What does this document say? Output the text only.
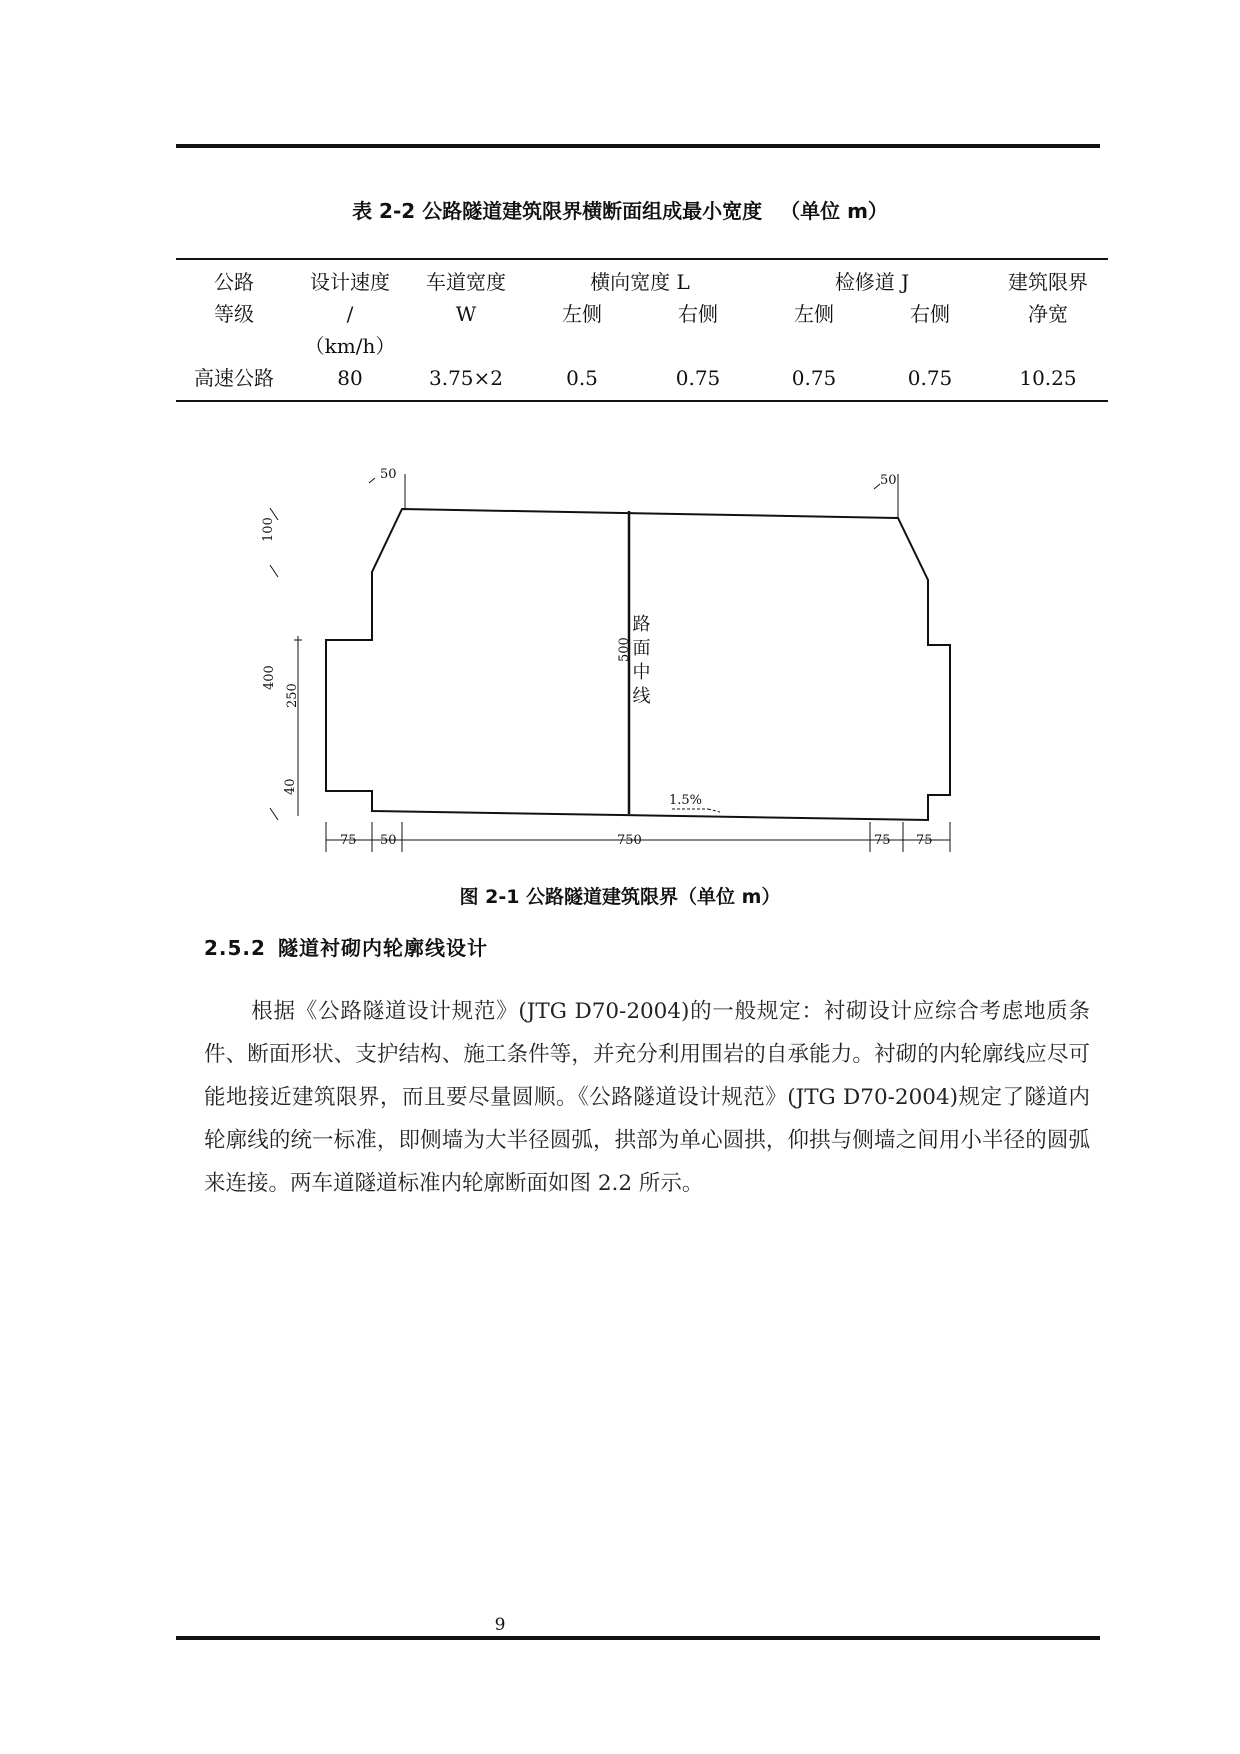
表 2-2 公路隧道建筑限界横断面组成最小宽度 （单位 m）
公路	设计速度	车道宽度	横向宽度 L		检修道 J		建筑限界
等级	/	W	左侧	右侧	左侧	右侧	净宽
	（km/h）						
高速公路	80	3.75×2	0.5	0.75	0.75	0.75	10.25
50	50
100
400
250
40
500
1.5%
75 50	750	75 75
路面中线
图 2-1 公路隧道建筑限界（单位 m）
2.5.2 隧道衬砌内轮廓线设计
根据《公路隧道设计规范》(JTG D70-2004)的一般规定：衬砌设计应综合考虑地质条件、断面形状、支护结构、施工条件等，并充分利用围岩的自承能力。衬砌的内轮廓线应尽可能地接近建筑限界，而且要尽量圆顺。《公路隧道设计规范》(JTG D70-2004)规定了隧道内轮廓线的统一标准，即侧墙为大半径圆弧，拱部为单心圆拱，仰拱与侧墙之间用小半径的圆弧来连接。两车道隧道标准内轮廓断面如图 2.2 所示。
9
